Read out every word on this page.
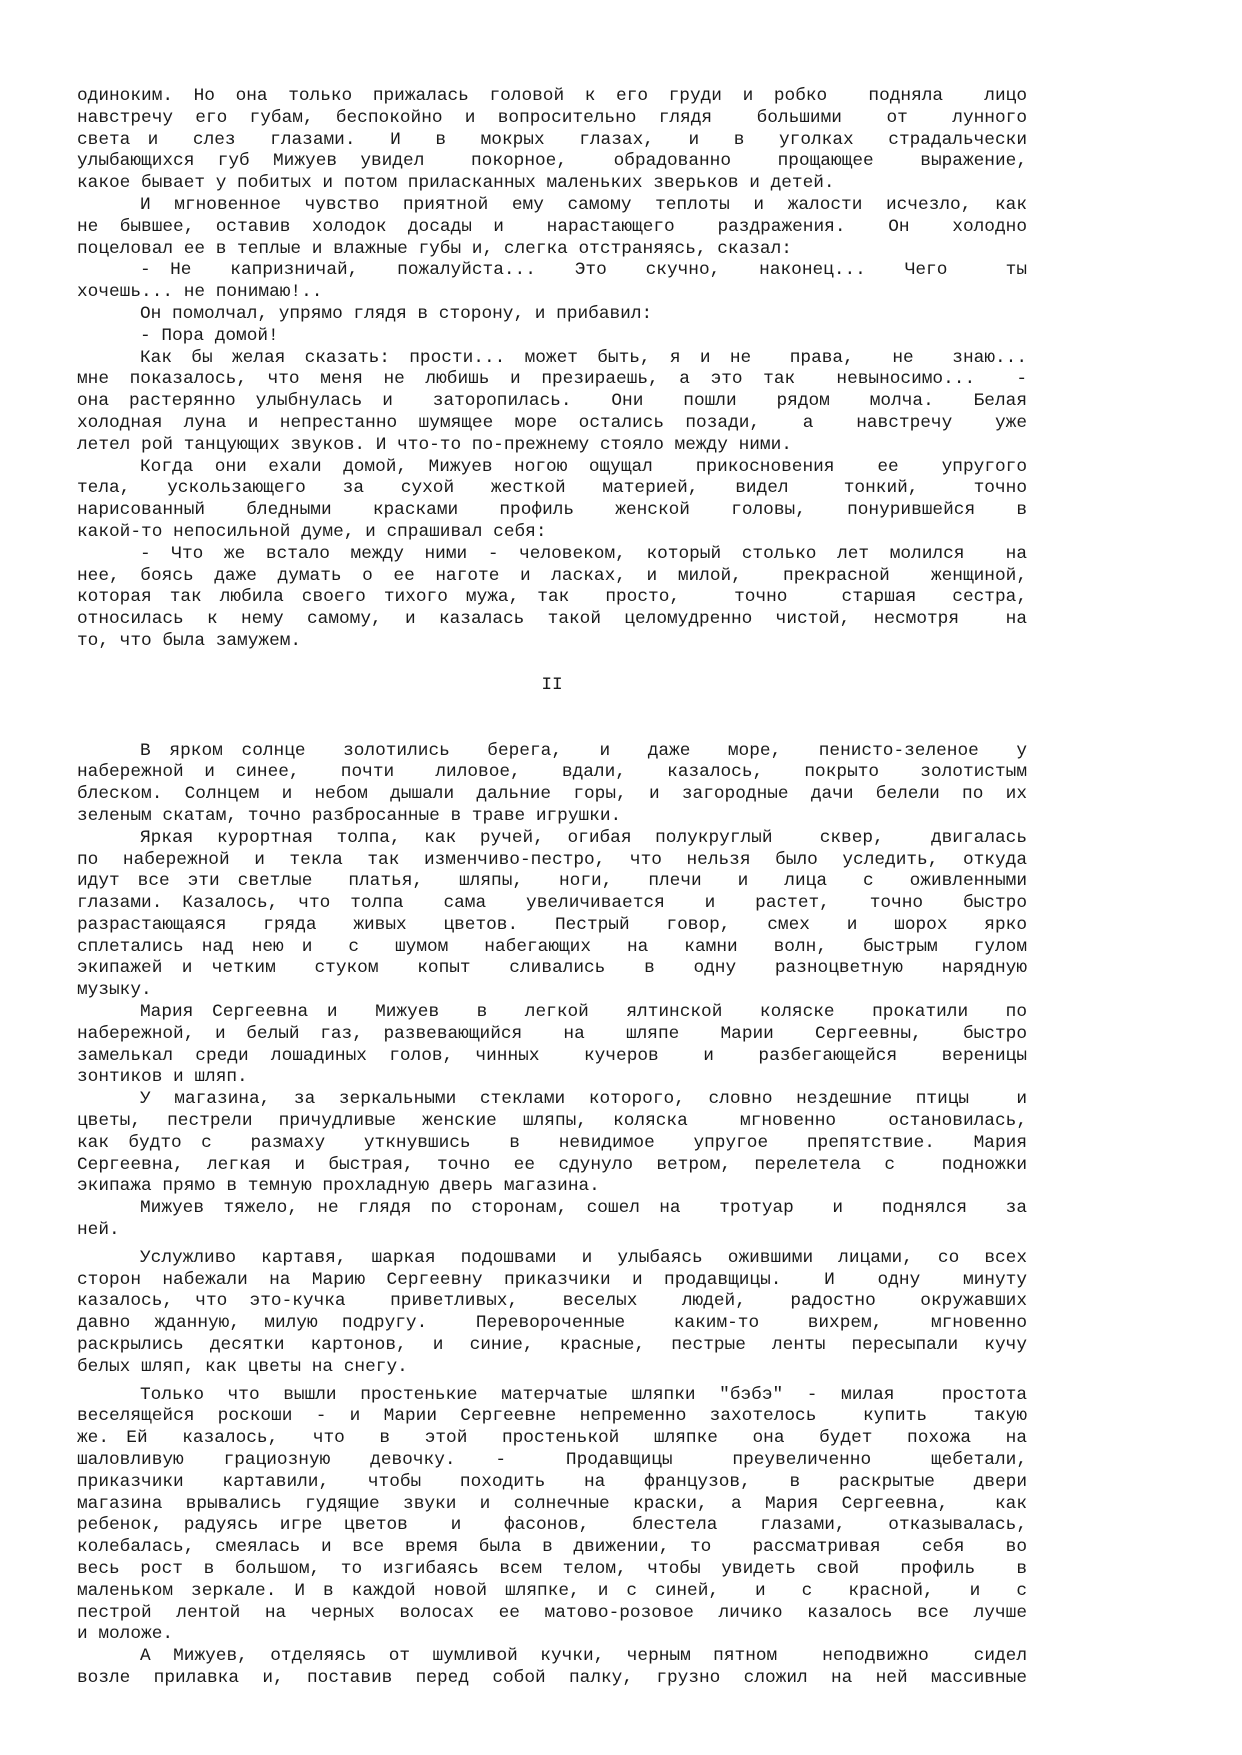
одиноким. Но она только прижалась головой к его груди и робко  подняла  лицо
навстречу его губам, беспокойно и вопросительно глядя  большими  от  лунного
света и  слез  глазами.  И  в  мокрых  глазах,  и  в  уголках  страдальчески
улыбающихся губ Мижуев увидел  покорное,  обрадованно  прощающее  выражение,
какое бывает у побитых и потом приласканных маленьких зверьков и детей.
И мгновенное чувство приятной ему самому теплоты и жалости исчезло, как
не бывшее, оставив холодок досады и  нарастающего  раздражения.  Он  холодно
поцеловал ее в теплые и влажные губы и, слегка отстраняясь, сказал:
- Не  капризничай,  пожалуйста...  Это  скучно,  наконец...  Чего   ты
хочешь... не понимаю!..
Он помолчал, упрямо глядя в сторону, и прибавил:
- Пора домой!
Как бы желая сказать: прости... может быть, я и не  права,  не  знаю...
мне показалось, что меня не любишь и презираешь, а это так  невыносимо...  -
она растерянно улыбнулась и  заторопилась.  Они  пошли  рядом  молча.  Белая
холодная луна и непрестанно шумящее море остались позади,  а  навстречу  уже
летел рой танцующих звуков. И что-то по-прежнему стояло между ними.
Когда они ехали домой, Мижуев ногою ощущал  прикосновения  ее  упругого
тела,  ускользающего  за  сухой  жесткой  материей,  видел   тонкий,   точно
нарисованный  бледными  красками  профиль  женской  головы,  понурившейся  в
какой-то непосильной думе, и спрашивал себя:
- Что же встало между ними - человеком, который столько лет молился  на
нее, боясь даже думать о ее наготе и ласках, и милой,  прекрасной  женщиной,
которая так любила своего тихого мужа, так  просто,   точно   старшая  сестра,
относилась к нему самому, и казалась такой целомудренно чистой, несмотря  на
то, что была замужем.
II
В ярком солнце  золотились  берега,  и  даже  море,  пенисто-зеленое  у
набережной и синее,  почти  лиловое,  вдали,  казалось,  покрыто  золотистым
блеском. Солнцем и небом дышали дальние горы, и загородные дачи белели по их
зеленым скатам, точно разбросанные в траве игрушки.
Яркая курортная толпа, как ручей, огибая полукруглый  сквер,  двигалась
по набережной и текла так изменчиво-пестро, что нельзя было уследить, откуда
идут все эти светлые  платья,  шляпы,  ноги,  плечи  и  лица  с  оживленными
глазами. Казалось, что толпа  сама  увеличивается  и  растет,  точно  быстро
разрастающаяся  гряда  живых  цветов.  Пестрый  говор,  смех  и  шорох  ярко
сплетались над нею и  с  шумом  набегающих  на  камни  волн,  быстрым  гулом
экипажей и четким  стуком  копыт  сливались  в  одну  разноцветную  нарядную
музыку.
Мария Сергеевна и  Мижуев  в  легкой  ялтинской  коляске  прокатили  по
набережной, и белый газ, развевающийся  на  шляпе  Марии  Сергеевны,  быстро
замелькал среди лошадиных голов, чинных  кучеров  и  разбегающейся  вереницы
зонтиков и шляп.
У магазина, за зеркальными стеклами которого, словно нездешние птицы  и
цветы, пестрели причудливые женские шляпы, коляска  мгновенно  остановилась,
как будто с  размаху  уткнувшись  в  невидимое  упругое  препятствие.  Мария
Сергеевна, легкая и быстрая, точно ее сдунуло ветром, перелетела с  подножки
экипажа прямо в темную прохладную дверь магазина.
Мижуев тяжело, не глядя по сторонам, сошел на  тротуар  и  поднялся  за
ней.
Услужливо картавя, шаркая подошвами и улыбаясь ожившими лицами, со всех
сторон набежали на Марию Сергеевну приказчики и продавщицы.  И  одну  минуту
казалось, что это-кучка  приветливых,  веселых  людей,  радостно  окружавших
давно жданную, милую подругу.  Перевороченные  каким-то  вихрем,  мгновенно
раскрылись десятки картонов, и синие, красные, пестрые ленты пересыпали кучу
белых шляп, как цветы на снегу.
Только что вышли простенькие матерчатые шляпки "бэбэ" - милая  простота
веселящейся роскоши - и Марии Сергеевне непременно захотелось  купить  такую
же. Ей  казалось,  что  в  этой  простенькой  шляпке  она  будет  похожа  на
шаловливую  грациозную  девочку.  -   Продавщицы   преувеличенно   щебетали,
приказчики  картавили,  чтобы  походить  на  французов,  в  раскрытые  двери
магазина врывались гудящие звуки и солнечные краски, а Мария Сергеевна,  как
ребенок, радуясь игре цветов  и  фасонов,  блестела  глазами,  отказывалась,
колебалась, смеялась и все время была в движении, то  рассматривая  себя  во
весь рост в большом, то изгибаясь всем телом, чтобы увидеть свой  профиль  в
маленьком зеркале. И в каждой новой шляпке, и с синей,  и  с  красной,  и  с
пестрой лентой на черных волосах ее матово-розовое личико казалось все лучше
и моложе.
А Мижуев, отделяясь от шумливой кучки, черным пятном  неподвижно  сидел
возле прилавка и, поставив перед собой палку, грузно сложил на ней массивные
